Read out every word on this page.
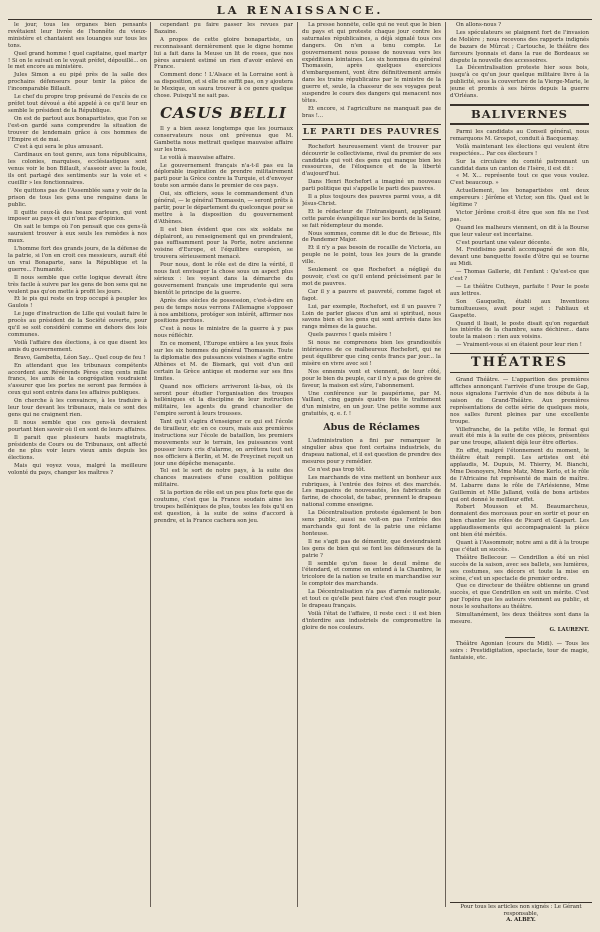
LA RENAISSANCE.

le jour, tous les organes bien pensants revêtaient leur livrée de l'honnête du vieux-ministère et chantaient ses louanges sur tous les tons.

Quel grand homme ! quel capitaine, quel martyr ! Si on le suivait on le voyait préfet, dépouillé... on le met encore au ministère.

Jules Simon a eu pipé près de la salle des prochains défenseurs pour tenir la pièce de l'incomparable Billault.

Le chef du propre trop présumé de l'excès de ce préfet tout dévoué a été appelé à ce qu'il leur en semble le président de la République.

On est de partout aux bonapartistes, que l'on se l'est-on gardé sans comprendre la situation de trouver de lendemain grâce à ces hommes de l'Empire et de mai.

C'est à qui sera le plus amusant.

Cardinaux en tout genre, aux tons républicains, les colonies, marquises, ecclésiastiques sont venus voir le bon Billault, s'asseoir avec la foule, ils ont partagé des sentiments sur la voie et « cueillir » les fonctionnaires.

Ne quittons pas de l'Assemblée sans y voir de la prison de tous les gens une rengaine dans le public.

Il quitte ceux-là des beaux parleurs, qui vont imposer au pays et qui n'ont pas d'opinion.

On sait le temps où l'on pensait que ces gens-là sauraient trouver à eux seuls les remèdes à nos maux.

L'homme fort des grands jours, de la défense de la patrie, si l'on en croit ces messieurs, aurait été un vrai Bonaparte, sans la République et la guerre... l'humanité.

Il nous semble que cette logique devrait être très facile à suivre par les gens de bon sens qui ne veulent pas qu'on mette à profit les jours.

Et le pis qui reste en trop occupé à peupler les Gaulois !

Le juge d'instruction de Lille qui voulait faire le procès au président de la Société ouverte, pour qu'il se soit considéré comme en dehors des lois communes.

Voilà l'affaire des élections, à ce que disent les amis du gouvernement.

Bravo, Gambetta, Léon Say... Quel coup de feu !

En attendant que les tribunaux compétents accordent aux Révérends Pères cinq cents mille francs, les amis de la congrégation voudraient s'assurer que les portes ne seront pas fermées à ceux qui sont entrés dans les affaires publiques.

On cherche à les convaincre, à les traduire à leur tour devant les tribunaux, mais ce sont des gens qui ne craignent rien.

Il nous semble que ces gens-là devraient pourtant bien savoir où il en sont de leurs affaires.

Il parait que plusieurs hauts magistrats, présidents de Cours ou de Tribunaux, ont affecté de ne plus voir leurs vieux amis depuis les élections.

Mais qui voyez vous, malgré la meilleure volonté du pays, changer les maîtres ?

cependant pu faire passer les revues par Bazaine.

A propos de cette gloire bonapartiste, un reconnaissant dernièrement que le digne homme lui a fait dans la Meuse un lit de roses, que nos pères auraient estimé un rien d'avoir enlevé en France.

Comment donc ! L'Alsace et la Lorraine sont à sa disposition, et si elle ne suffit pas, on y ajoutera le Mexique, on saura trouver à ce genre quelque chose. Puisqu'il ne sait pas.

CASUS BELLI

Il y a bien assez longtemps que les journaux conservateurs nous ont prévenus que M. Gambetta nous mettrait quelque mauvaise affaire sur les bras.

Le voilà à mauvaise affaire.

Le gouvernement français n'a-t-il pas eu la déplorable inspiration de prendre militairement parti pour la Grèce contre la Turquie, et d'envoyer toute son armée dans le premier de ces pays.

Oui, six officiers, sous le commandement d'un général, — le général Thomassin, — seront prêts à partir, pour le département du quelconque pour se mettre à la disposition du gouvernement d'Athènes.

Il est bien évident que ces six soldats ne déplairont, au renseignement qui en prendraient, pas suffisamment pour la Porte, notre ancienne voisine d'Europe, et l'équilibre européen, se trouvera sérieusement menacé.

Pour nous, dont le rôle est de dire la vérité, il nous faut envisager la chose sous un aspect plus sérieux : les voyant dans la démarche du gouvernement français une imprudente qui sera bientôt le principe de la guerre.

Après des siècles de possession, c'est-à-dire en peu de temps nous verrons l'Allemagne s'opposer à nos ambitions, protéger son intérêt, affirmer nos positions perdues.

C'est à nous le ministre de la guerre à y pas nous réfléchir.

En ce moment, l'Europe entière a les yeux fixés sur les six hommes du général Thomassin. Toute la diplomatie des puissances voisines s'agite entre Athènes et M. de Bismark, qui voit d'un œil certain la Grèce antique et moderne sur ses fins limites.

Quand nos officiers arriveront là-bas, où ils seront pour étudier l'organisation des troupes helléniques et la discipline de leur instruction militaire, les agents du grand chancelier de l'empire seront à leurs trousses.

Tant qu'il s'agira d'enseigner ce qui est l'école de tirailleur, etc en ce cours, mais aux premières instructions sur l'école de bataillon, les premiers mouvements sur le terrain, les puissances vont pousser leurs cris d'alarme, on arrêtera tout net nos officiers à Berlin, et M. de Freycinet reçoit un jour une dépêche menaçante.

Tel est le sort de notre pays, à la suite des chances mauvaises d'une coalition politique militaire.

Si la portion de rôle est un peu plus forte que de coutume, c'est que la France soudain aime les troupes helléniques de plus, toutes les fois qu'il en est question, à la suite de soins d'accord à prendre, et la France cachera son jeu.

La presse honnête, celle qui ne veut que le bien du pays et qui proteste chaque jour contre les saturnales républicaines, a déjà signalé tous ces dangers. On n'en a tenu compte. Le gouvernement nous pousse de nouveau vers les expéditions lointaines. Les six hommes du général Thomassin, après quelques exercices d'embarquement, vont être définitivement armés dans les trains républicains par le ministre de la guerre et, seule, la chasseur de ses voyages peut suspendre le cours des dangers qui menacent nos têtes.

Et encore, si l'agriculture ne manquait pas de bras !...

LE PARTI DES PAUVRES

Rochefort heureusement vient de trouver par découvrir le collectivisme, rival du premier de ses candidats qui voit des gens qui manque bien les ressources, de l'éloquence et de la liberté d'aujourd'hui.

Dans Henri Rochefort a imaginé un nouveau parti politique qui s'appelle le parti des pauvres.

Il a plus toujours des pauvres parmi vous, a dit Jésus-Christ.

Et le rédacteur de l'Intransigeant, appliquant cette parole évangélique sur les bords de la Seine, se fait rédempteur du monde.

Nous sommes, comme dit le duc de Brissac, fils de Pandemer Major.

Et il n'y a pas besoin de rocaille de Victoria, au peuple ne le point, tous les jours de la grande ville.

Seulement ce que Rochefort a négligé du pouvoir, c'est ce qu'il entend précisément par le mot de pauvres.

Car il y a pauvre et pauvreté, comme fagot et fagot.

Lui, par exemple, Rochefort, est il un pauvre ? Loin de parler glaces d'un ami si spirituel, nous savons bien et les gens qui sont arrivés dans les rangs mêmes de la gauche.

Quels pauvres ! quels misère !

Si nous ne comprenons bien les grandiosités intérieures de ce malheureux Rochefort, qui ne peut équilibrer que cinq cents francs par jour... la misère en vivre avec soi !

Nos ennemis vont et viennent, de leur côté, pour le bien du peuple, car il n'y a pas de grève de faveur, la maison est sûre, l'abonnement.

Une conférence sur le paupérisme, par M. Vaillant, cinq gagnés quatre fois le traitement d'un ministre, en un jour. Une petite somme aux gratuités, q. e. f. !

Abus de Réclames

L'administration a fini par remarquer le singulier abus que font certains industriels, du drapeau national, et il est question de prendre des mesures pour y remédier.

Ce n'est pas trop tôt.

Les marchands de vins mettent un bonheur aux rubriques, à l'entrée des foires et des marchés. Les magasins de nouveautés, les fabricants de farine, de chocolat, de tabac, prennent le drapeau national comme enseigne.

La Décentralisation proteste également le bon sens public, aussi ne voit-on pas l'entrée des marchands qui font de la patrie une réclame honteuse.

Il ne s'agit pas de démentir, que deviendraient les gens de bien qui se font les défenseurs de la patrie ?

Il semble qu'on fasse le deuil même de l'étendard, et comme on entend à la Chambre, le tricolore de la nation se traite en marchandise sur le comptoir des marchands.

La Décentralisation n'a pas d'armée nationale, et tout ce qu'elle peut faire c'est d'en rougir pour le drapeau français.

Voilà l'état de l'affaire, il reste ceci : il est bien d'interdire aux industriels de compromettre la gloire de nos couleurs.

On allons-nous ?

Les spéculateurs se plaignent fort de l'invasion de Molière ; nous recevons des rapports indignés de bazars de Mûrcat ; Cartouche, le théâtre des farceurs lyonnais et dans la rue de Bordeaux se dispute la nouvelle des accessoires.

La Décentralisation proteste hier sous bois, jusqu'à ce qu'un jour quelque militaire livre à la publicité, sous la couverture de la Vierge-Marie, le jeune et promis à ses héros depuis la guerre d'Orléans.

BALIVERNES

Parmi les candidats au Conseil général, nous remarquons M. Grospot, conduit à Bacquemay.

Voilà maintenant les élections qui veulent être respectées... Par ces électeurs !

Sur la circulaire du comité patronnant un candidat dans un canton de l'Isère, il est dit :

« M. X... représente tout ce que vous voulez. C'est beaucoup. »

Actuellement, les bonapartistes ont deux empereurs : Jérôme et Victor, son fils. Quel est le légitime ?

Victor Jérôme croit-il être que son fils ne l'est pas.

Quand les malheurs viennent, on dit à la Bourse que leur valeur est incertaine.

C'est pourtant une valeur décente.

M. Freidisimo paraît accompagné de son fils, devant une banquette fossile d'ôtre qui se tourne au Midi.

— Thomas Gallerie, dit l'enfant : Qu'est-ce que c'est ?

— Le théâtre Cutheyn, parfaite ! Pour le poste aux lettres.

Son Gauquelin, établi aux Inventions tumultueuses, avait pour sujet : Fabliaux et Gaspette.

Quand il lisait, le poste disait qu'on regardait les intérêts de la chambre, sans déchirer... dans toute la maison : rien aux voisins.

— Vraiment-vous si en étaient pour leur rien !

THÉATRES

Grand Théâtre. — L'apparition des premières affiches annonçant l'arrivée d'une troupe de Gap, nous signalons l'arrivée d'un de nos débuts à la saison du Grand-Théâtre. Aux premières représentations de cette série de quelques mois, nos salles furent pleines par une excellente troupe.

Villefranche, de la petite ville, le format qui avait été mis à la suite de ces pièces, présentées par une troupe, allaient déjà leur être offertes.

En effet, malgré l'étonnement du moment, le théâtre était rempli. Les artistes ont été applaudis, M. Dupuis, M. Thierry, M. Bianchi, Mme Desnoyers, Mme Matz, Mme Kerlo, et le rôle de l'Africaine fut représenté de main de maître. M. Labarre dans le rôle de l'Arlésienne, Mme Guillemin et Mlle Jalland, voilà de bons artistes qui ont donné le meilleur effet.

Robert Mousson et M. Beaumarcheus, donnaient des morceaux pour en sortir et pour en bien chanter les rôles de Picard et Gaspart. Les applaudissements qui accompagnaient la pièce ont bien été mérités.

Quant à l'Assommoir, notre ami a dit à la troupe que c'était un succès.

Théâtre Bellecour. — Cendrillon a été un réel succès de la saison, avec ses ballets, ses lumières, ses costumes, ses décors et toute la mise en scène, c'est un spectacle de premier ordre.

Que ce directeur de théâtre obtienne un grand succès, et que Cendrillon en soit un mérite. C'est par l'opéra que les auteurs viennent au public, et nous le souhaitons au théâtre.

Simultanément, les deux théâtres sont dans la mesure.

G. LAURENT.

Théâtre Agonian (cours du Midi). — Tous les soirs : Prestidigitation, spectacle, tour de magie, fantaisie, etc.

Pour tous les articles non signés : Le Gérant responsable,
A. ALBEY.
